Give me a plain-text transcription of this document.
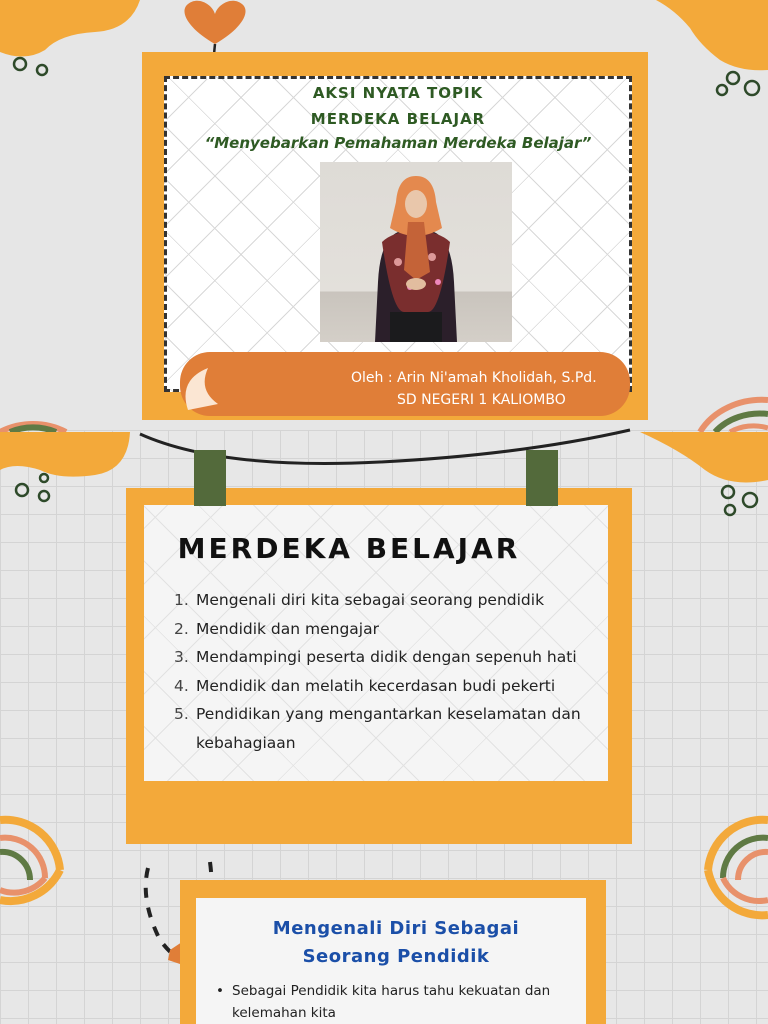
AKSI NYATA TOPIK
MERDEKA BELAJAR
“Menyebarkan Pemahaman Merdeka Belajar”
Oleh : Arin Ni'amah Kholidah, S.Pd.
SD NEGERI 1 KALIOMBO
MERDEKA BELAJAR
1. Mengenali diri kita sebagai seorang pendidik
2. Mendidik dan mengajar
3. Mendampingi peserta didik dengan sepenuh hati
4. Mendidik dan melatih kecerdasan budi pekerti
5. Pendidikan yang mengantarkan keselamatan dan kebahagiaan
Mengenali Diri Sebagai
Seorang Pendidik
• Sebagai Pendidik kita harus tahu kekuatan dan kelemahan kita
